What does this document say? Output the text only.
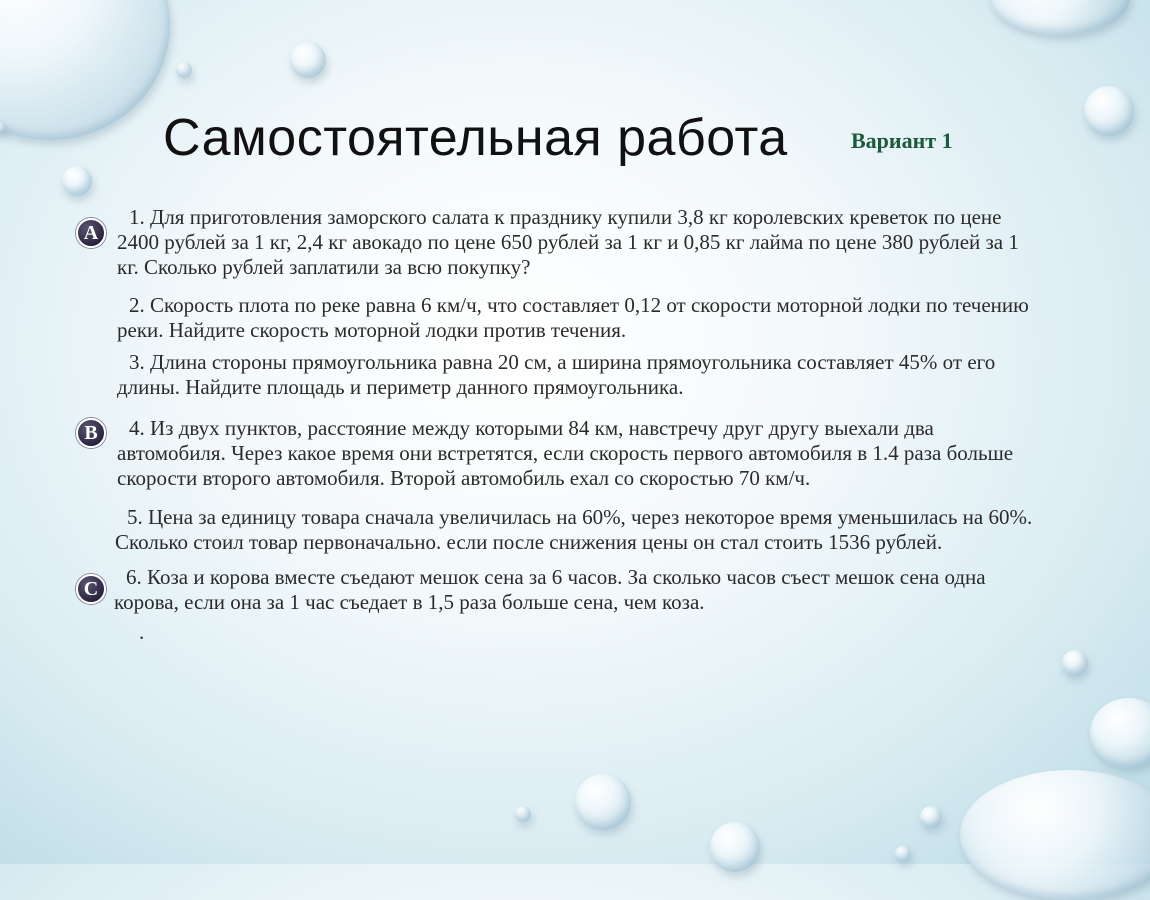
Самостоятельная работа	Вариант 1
A
B
C

1. Для приготовления заморского салата к празднику купили 3,8 кг королевских креветок по цене 2400 рублей за 1 кг, 2,4 кг авокадо по цене 650 рублей за 1 кг и 0,85 кг лайма по цене 380 рублей за 1 кг. Сколько рублей заплатили за всю покупку?

2. Скорость плота по реке равна 6 км/ч, что составляет 0,12 от скорости моторной лодки по течению реки. Найдите скорость моторной лодки против течения.

3. Длина стороны прямоугольника равна 20 см, а ширина прямоугольника составляет 45% от его длины. Найдите площадь и периметр данного прямоугольника.

4. Из двух пунктов, расстояние между которыми 84 км, навстречу друг другу выехали два автомобиля. Через какое время они встретятся, если скорость первого автомобиля в 1.4 раза больше скорости второго автомобиля. Второй автомобиль ехал со скоростью 70 км/ч.

5. Цена за единицу товара сначала увеличилась на 60%, через некоторое время уменьшилась на 60%. Сколько стоил товар первоначально. если после снижения цены он стал стоить 1536 рублей.

6. Коза и корова вместе съедают мешок сена за 6 часов. За сколько часов съест мешок сена одна корова, если она за 1 час съедает в 1,5 раза больше сена, чем коза.

.
